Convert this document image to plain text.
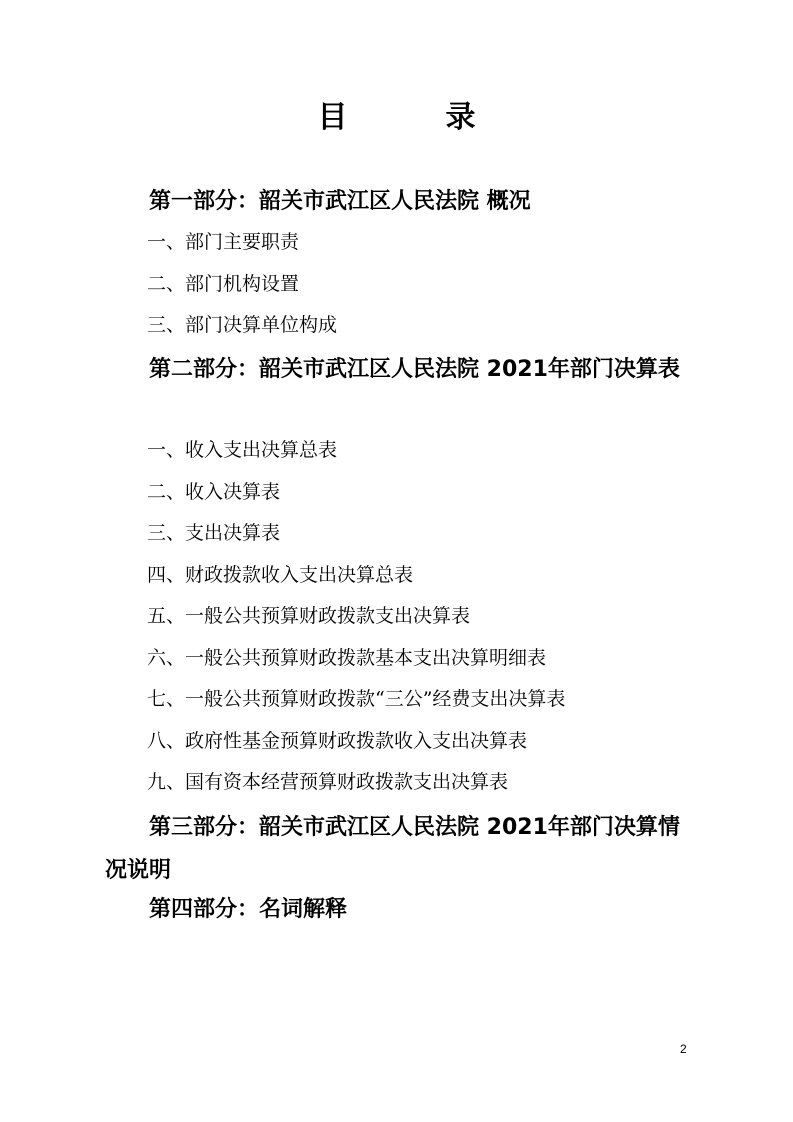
目	录
第一部分：韶关市武江区人民法院 概况
一、部门主要职责
二、部门机构设置
三、部门决算单位构成
第二部分：韶关市武江区人民法院 2021年部门决算表
一、收入支出决算总表
二、收入决算表
三、支出决算表
四、财政拨款收入支出决算总表
五、一般公共预算财政拨款支出决算表
六、一般公共预算财政拨款基本支出决算明细表
七、一般公共预算财政拨款“三公”经费支出决算表
八、政府性基金预算财政拨款收入支出决算表
九、国有资本经营预算财政拨款支出决算表
第三部分：韶关市武江区人民法院 2021年部门决算情况说明
第四部分：名词解释
2
